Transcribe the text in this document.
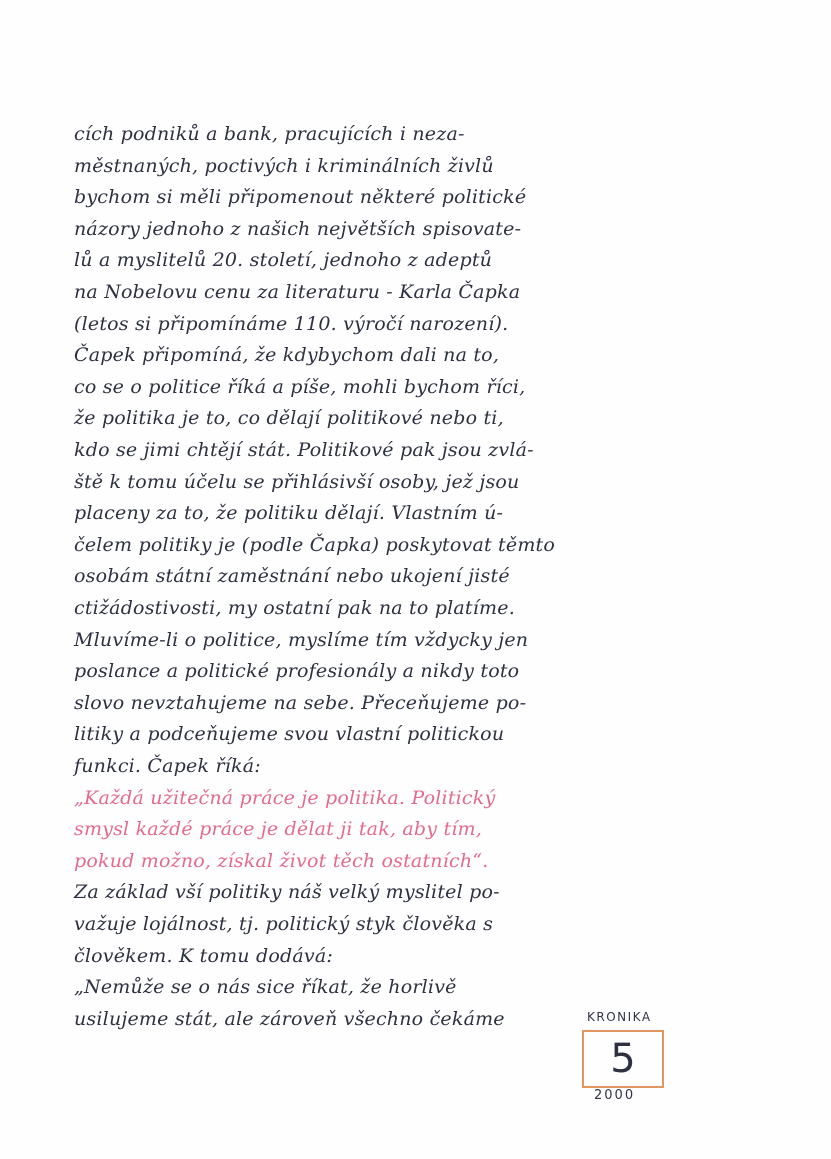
cích podniků a bank, pracujících i neza-
městnaných, poctivých i kriminálních živlů
bychom si měli připomenout některé politické
názory jednoho z našich největších spisovate-
lů a myslitelů 20. století, jednoho z adeptů
na Nobelovu cenu za literaturu - Karla Čapka
(letos si připomínáme 110. výročí narození).
Čapek připomíná, že kdybychom dali na to,
co se o politice říká a píše, mohli bychom říci,
že politika je to, co dělají politikové nebo ti,
kdo se jimi chtějí stát. Politikové pak jsou zvlá-
ště k tomu účelu se přihlásivší osoby, jež jsou
placeny za to, že politiku dělají. Vlastním ú-
čelem politiky je (podle Čapka) poskytovat těmto
osobám státní zaměstnání nebo ukojení jisté
ctižádostivosti, my ostatní pak na to platíme.
Mluvíme-li o politice, myslíme tím vždycky jen
poslance a politické profesionály a nikdy toto
slovo nevztahujeme na sebe. Přeceňujeme po-
litiky a podceňujeme svou vlastní politickou
funkci. Čapek říká:
„Každá užitečná práce je politika. Politický
smysl každé práce je dělat ji tak, aby tím,
pokud možno, získal život těch ostatních“.
Za základ vší politiky náš velký myslitel po-
važuje lojálnost, tj. politický styk člověka s
člověkem. K tomu dodává:
„Nemůže se o nás sice říkat, že horlivě
usilujeme stát, ale zároveň všechno čekáme	KRONIKA
5
2000
